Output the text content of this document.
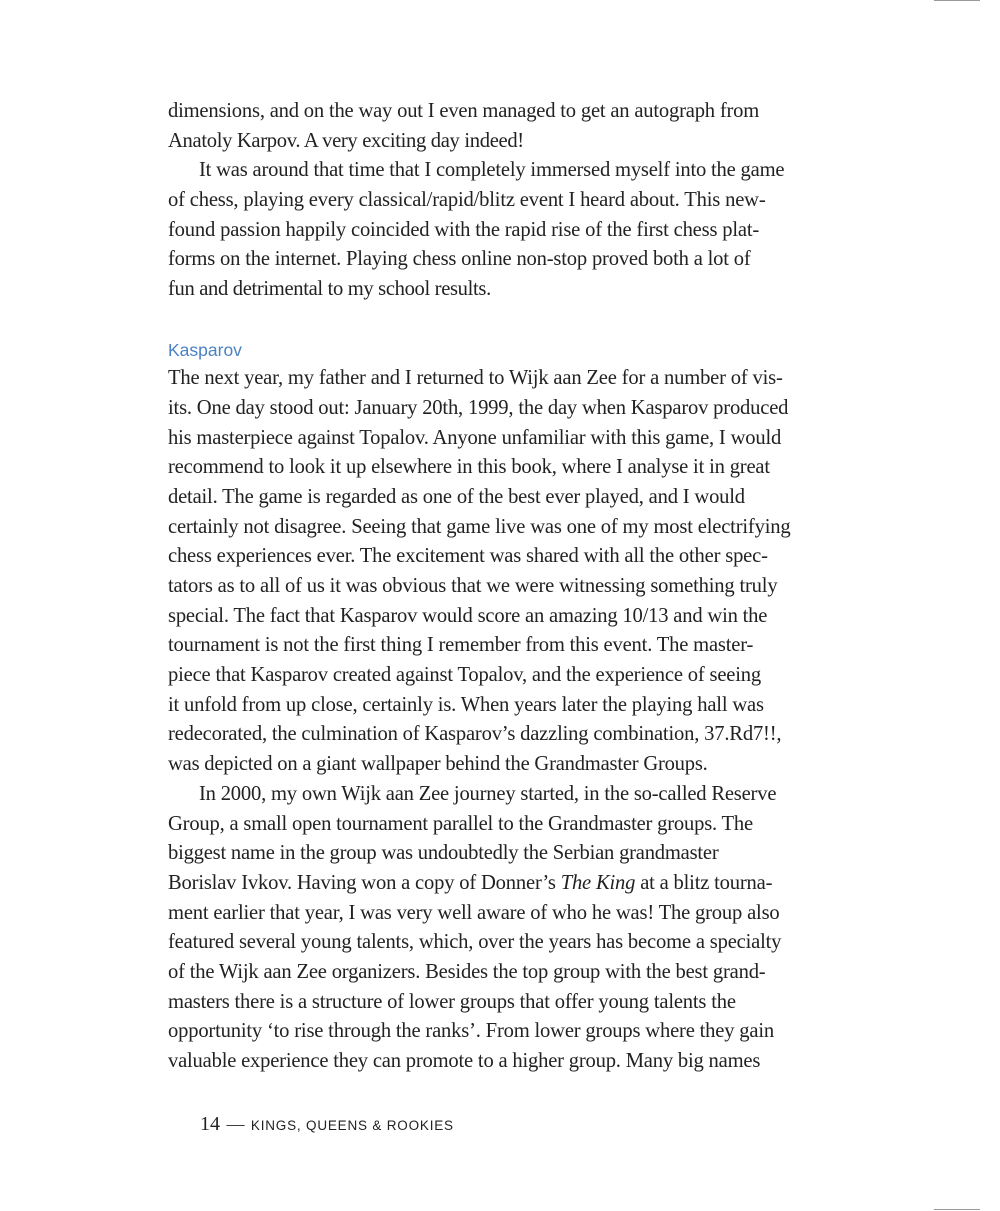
dimensions, and on the way out I even managed to get an autograph from
Anatoly Karpov. A very exciting day indeed!
It was around that time that I completely immersed myself into the game
of chess, playing every classical/rapid/blitz event I heard about. This new-
found passion happily coincided with the rapid rise of the first chess plat-
forms on the internet. Playing chess online non-stop proved both a lot of
fun and detrimental to my school results.
Kasparov
The next year, my father and I returned to Wijk aan Zee for a number of vis-
its. One day stood out: January 20th, 1999, the day when Kasparov produced
his masterpiece against Topalov. Anyone unfamiliar with this game, I would
recommend to look it up elsewhere in this book, where I analyse it in great
detail. The game is regarded as one of the best ever played, and I would
certainly not disagree. Seeing that game live was one of my most electrifying
chess experiences ever. The excitement was shared with all the other spec-
tators as to all of us it was obvious that we were witnessing something truly
special. The fact that Kasparov would score an amazing 10/13 and win the
tournament is not the first thing I remember from this event. The master-
piece that Kasparov created against Topalov, and the experience of seeing
it unfold from up close, certainly is. When years later the playing hall was
redecorated, the culmination of Kasparov’s dazzling combination, 37.Rd7!!,
was depicted on a giant wallpaper behind the Grandmaster Groups.
In 2000, my own Wijk aan Zee journey started, in the so-called Reserve
Group, a small open tournament parallel to the Grandmaster groups. The
biggest name in the group was undoubtedly the Serbian grandmaster
Borislav Ivkov. Having won a copy of Donner’s The King at a blitz tourna-
ment earlier that year, I was very well aware of who he was! The group also
featured several young talents, which, over the years has become a specialty
of the Wijk aan Zee organizers. Besides the top group with the best grand-
masters there is a structure of lower groups that offer young talents the
opportunity ‘to rise through the ranks’. From lower groups where they gain
valuable experience they can promote to a higher group. Many big names
14 — KINGS, QUEENS & ROOKIES
